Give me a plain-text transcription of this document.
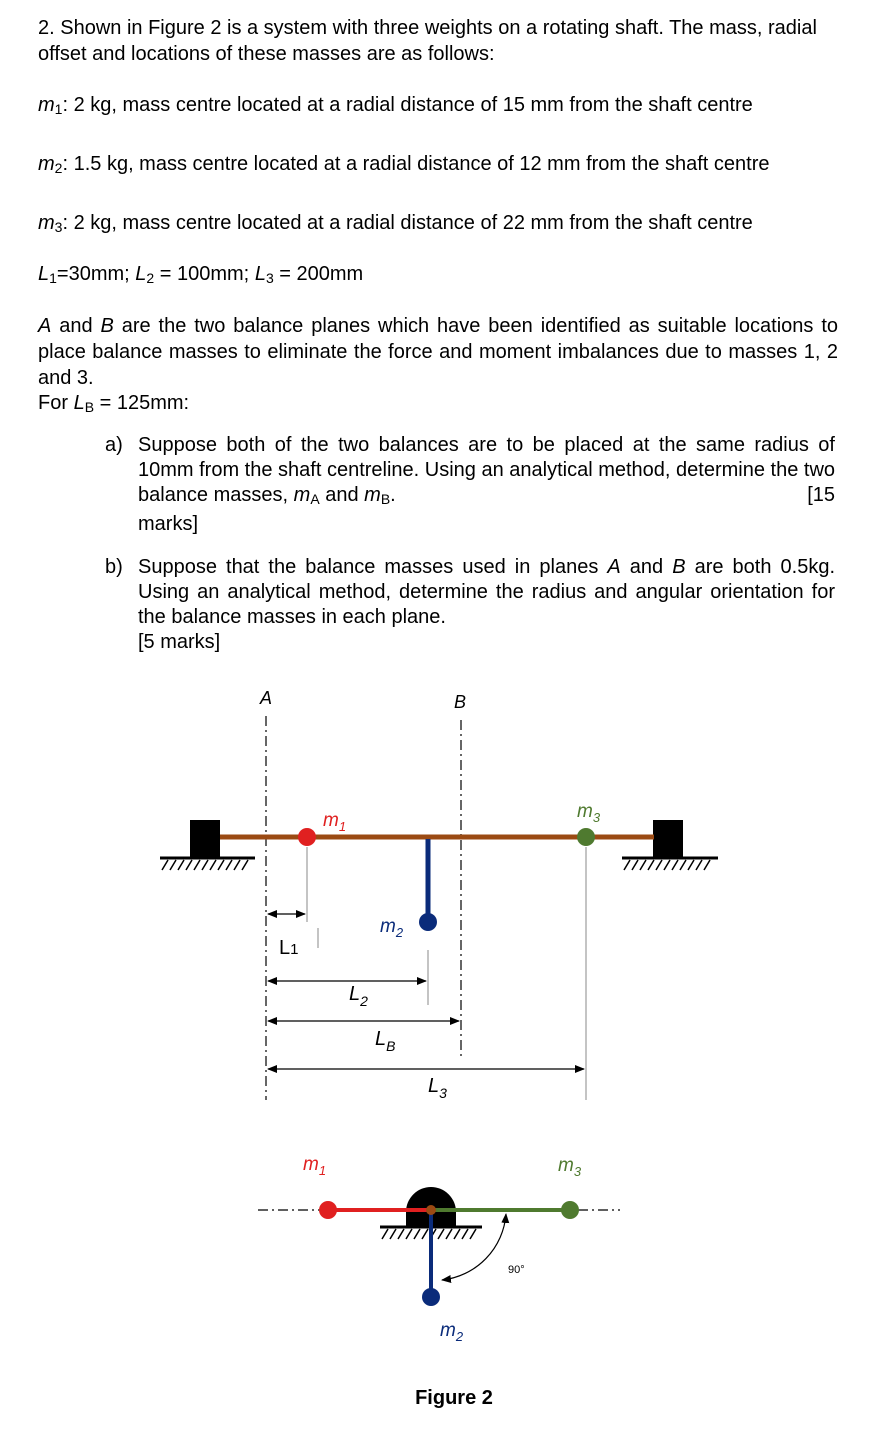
2. Shown in Figure 2 is a system with three weights on a rotating shaft. The mass, radial offset and locations of these masses are as follows:

$m_1$: 2 kg, mass centre located at a radial distance of 15 mm from the shaft centre

$m_2$: 1.5 kg, mass centre located at a radial distance of 12 mm from the shaft centre

$m_3$: 2 kg, mass centre located at a radial distance of 22 mm from the shaft centre

$L_1=30mm$; $L_2 = 100mm$; $L_3 = 200mm$

A and B are the two balance planes which have been identified as suitable locations to place balance masses to eliminate the force and moment imbalances due to masses 1, 2 and 3.

For $L_B = 125mm$:

a) Suppose both of the two balances are to be placed at the same radius of 10mm from the shaft centreline. Using an analytical method, determine the two balance masses, $m_A$ and $m_B$.	[15

marks]
b) Suppose that the balance masses used in planes A and B are both 0.5kg. Using an analytical method, determine the radius and angular orientation for the balance masses in each plane.
[5 marks]
A	B
$m_1$
$m_2$
$m_3$
L1
$L_2$
$L_B$
$L_3$
90°
$m_1$	$m_3$
$m_2$
Figure 2
